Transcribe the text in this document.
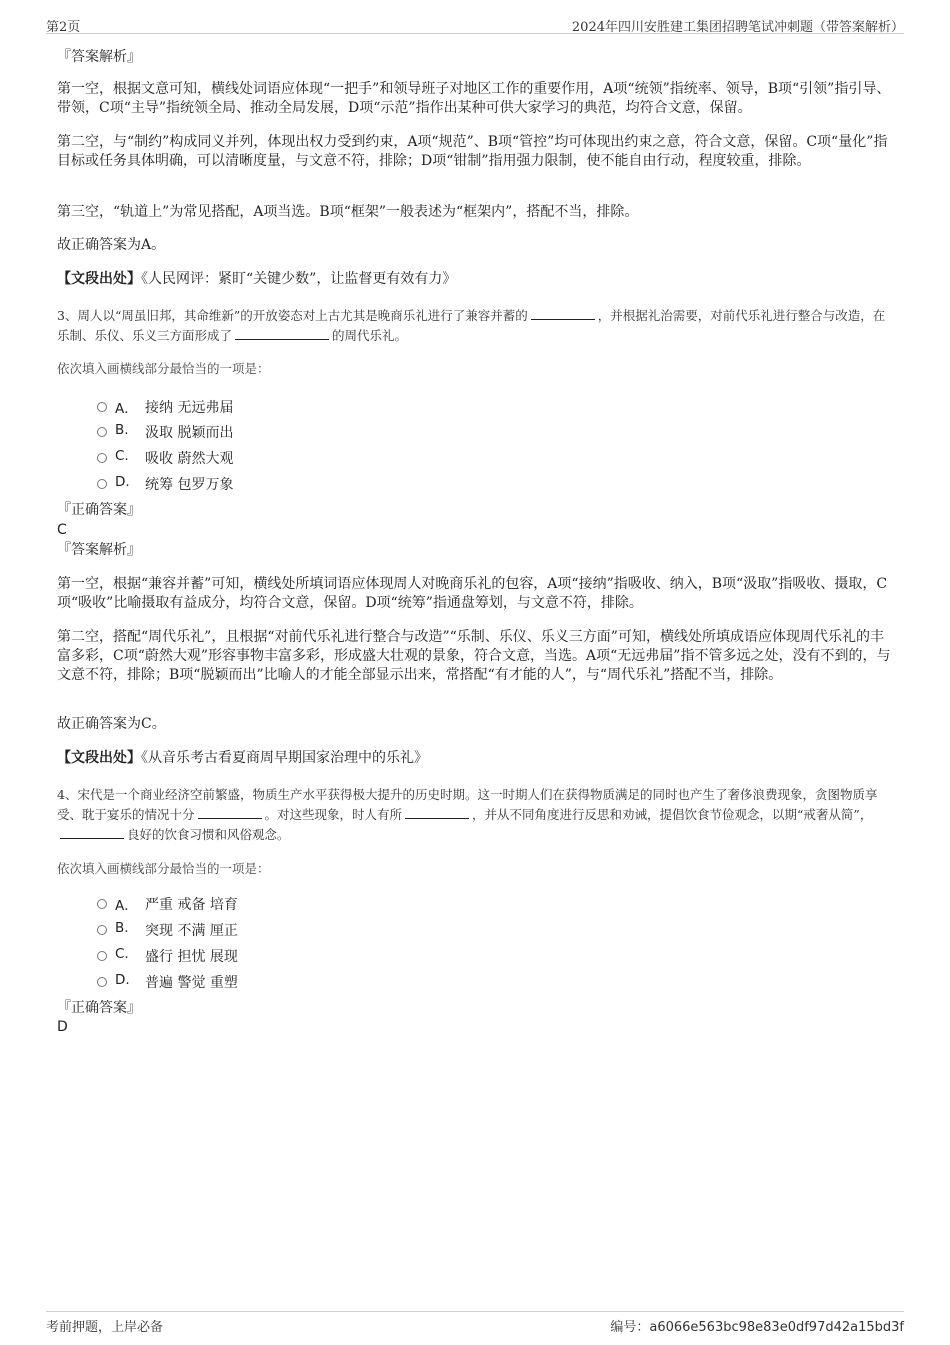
第2页	2024年四川安胜建工集团招聘笔试冲刺题（带答案解析）
『答案解析』
第一空，根据文意可知，横线处词语应体现“一把手”和领导班子对地区工作的重要作用，A项“统领”指统率、领导，B项“引领”指引导、带领，C项“主导”指统领全局、推动全局发展，D项“示范”指作出某种可供大家学习的典范，均符合文意，保留。
第二空，与“制约”构成同义并列，体现出权力受到约束，A项“规范”、B项“管控”均可体现出约束之意，符合文意，保留。C项“量化”指目标或任务具体明确，可以清晰度量，与文意不符，排除；D项“钳制”指用强力限制，使不能自由行动，程度较重，排除。
第三空，“轨道上”为常见搭配，A项当选。B项“框架”一般表述为“框架内”，搭配不当，排除。
故正确答案为A。
【文段出处】《人民网评：紧盯“关键少数”，让监督更有效有力》
3、周人以“周虽旧邦，其命维新”的开放姿态对上古尤其是晚商乐礼进行了兼容并蓄的	，并根据礼治需要，对前代乐礼进行整合与改造，在乐制、乐仪、乐义三方面形成了	的周代乐礼。
依次填入画横线部分最恰当的一项是：
A． 接纳 无远弗届
B. 汲取 脱颖而出
C. 吸收 蔚然大观
D. 统筹 包罗万象
『正确答案』
C
『答案解析』
第一空，根据“兼容并蓄”可知，横线处所填词语应体现周人对晚商乐礼的包容，A项“接纳”指吸收、纳入，B项“汲取”指吸收、摄取，C项“吸收”比喻摄取有益成分，均符合文意，保留。D项“统筹”指通盘筹划，与文意不符，排除。
第二空，搭配“周代乐礼”，且根据“对前代乐礼进行整合与改造”“乐制、乐仪、乐义三方面”可知，横线处所填成语应体现周代乐礼的丰富多彩，C项“蔚然大观”形容事物丰富多彩，形成盛大壮观的景象，符合文意，当选。A项“无远弗届”指不管多远之处，没有不到的，与文意不符，排除；B项“脱颖而出”比喻人的才能全部显示出来，常搭配“有才能的人”，与“周代乐礼”搭配不当，排除。
故正确答案为C。
【文段出处】《从音乐考古看夏商周早期国家治理中的乐礼》
4、宋代是一个商业经济空前繁盛，物质生产水平获得极大提升的历史时期。这一时期人们在获得物质满足的同时也产生了奢侈浪费现象，贪图物质享受、耽于宴乐的情况十分	。对这些现象，时人有所	，并从不同角度进行反思和劝诫，提倡饮食节俭观念，以期“戒奢从简”，良好的饮食习惯和风俗观念。
依次填入画横线部分最恰当的一项是：
A． 严重 戒备 培育
B. 突现 不满 厘正
C. 盛行 担忧 展现
D. 普遍 警觉 重塑
『正确答案』
D
考前押题，上岸必备	编号：a6066e563bc98e83e0df97d42a15bd3f
